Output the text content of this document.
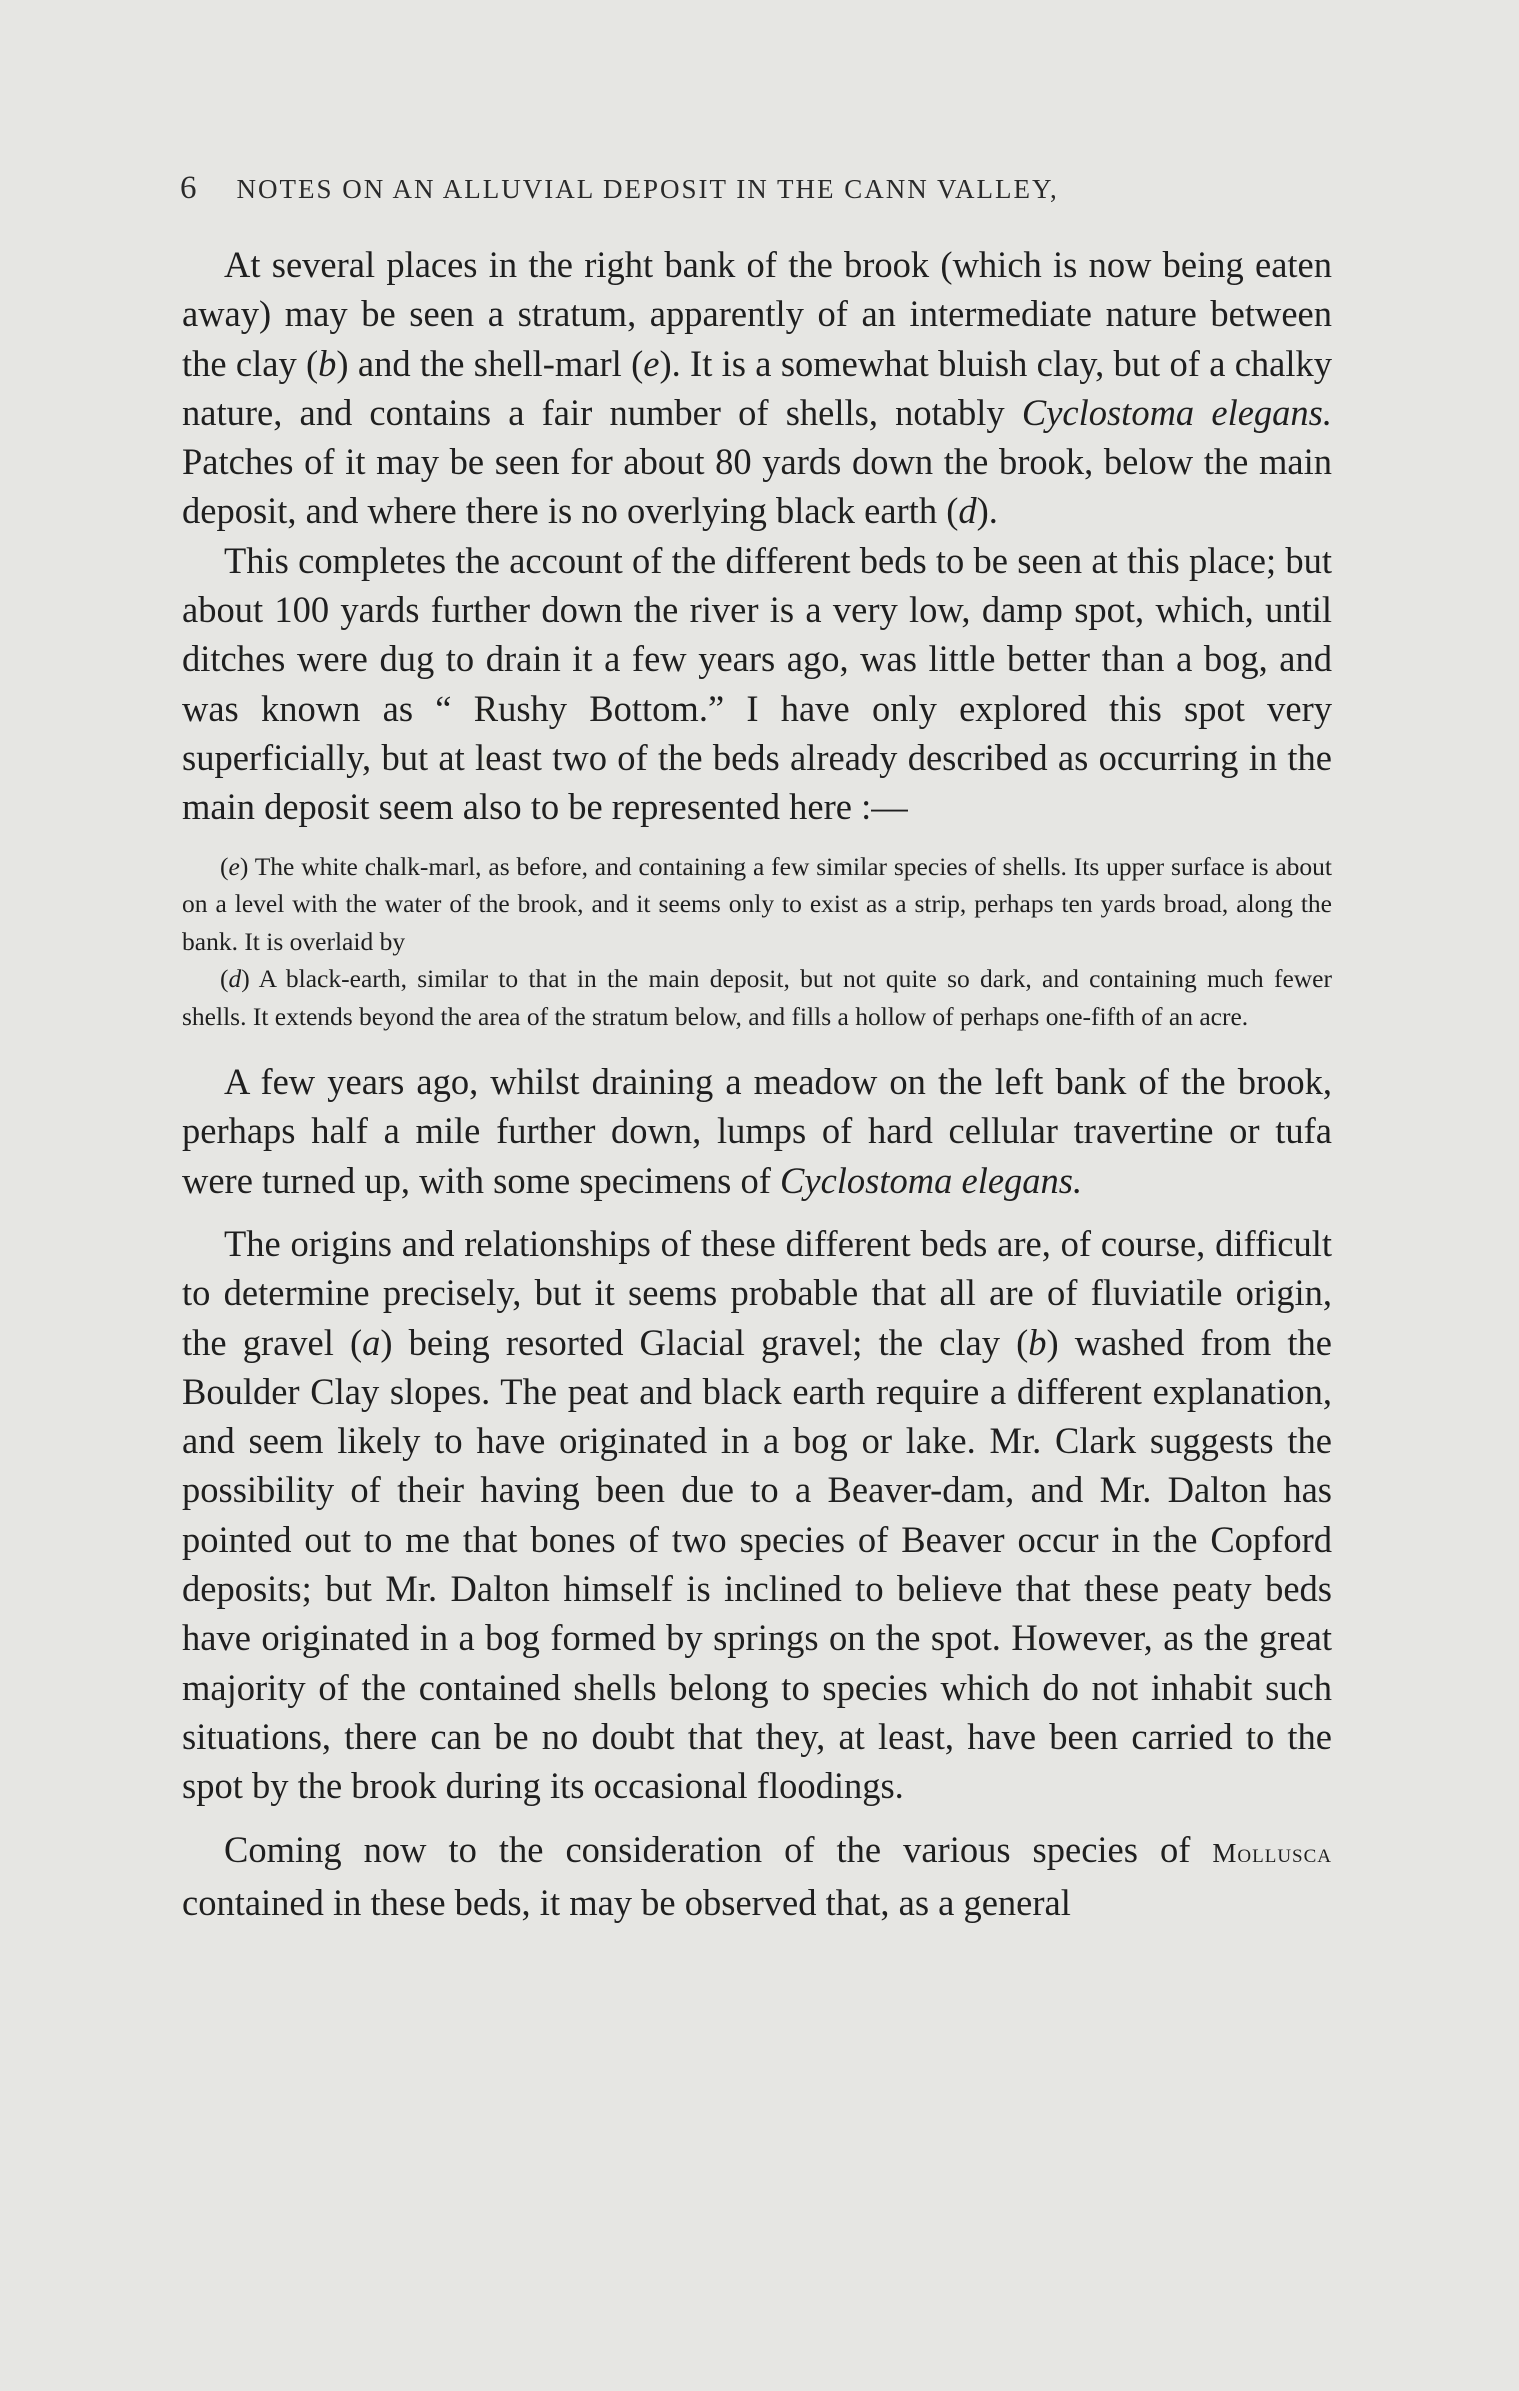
6 NOTES ON AN ALLUVIAL DEPOSIT IN THE CANN VALLEY,

At several places in the right bank of the brook (which is now being eaten away) may be seen a stratum, apparently of an intermediate nature between the clay (b) and the shell-marl (e). It is a somewhat bluish clay, but of a chalky nature, and contains a fair number of shells, notably Cyclostoma elegans. Patches of it may be seen for about 80 yards down the brook, below the main deposit, and where there is no overlying black earth (d).

This completes the account of the different beds to be seen at this place; but about 100 yards further down the river is a very low, damp spot, which, until ditches were dug to drain it a few years ago, was little better than a bog, and was known as “ Rushy Bottom.” I have only explored this spot very superficially, but at least two of the beds already described as occurring in the main deposit seem also to be represented here :—

(e) The white chalk-marl, as before, and containing a few similar species of shells. Its upper surface is about on a level with the water of the brook, and it seems only to exist as a strip, perhaps ten yards broad, along the bank. It is overlaid by

(d) A black-earth, similar to that in the main deposit, but not quite so dark, and containing much fewer shells. It extends beyond the area of the stratum below, and fills a hollow of perhaps one-fifth of an acre.

A few years ago, whilst draining a meadow on the left bank of the brook, perhaps half a mile further down, lumps of hard cellular travertine or tufa were turned up, with some specimens of Cyclostoma elegans.

The origins and relationships of these different beds are, of course, difficult to determine precisely, but it seems probable that all are of fluviatile origin, the gravel (a) being resorted Glacial gravel; the clay (b) washed from the Boulder Clay slopes. The peat and black earth require a different explanation, and seem likely to have originated in a bog or lake. Mr. Clark suggests the possibility of their having been due to a Beaver-dam, and Mr. Dalton has pointed out to me that bones of two species of Beaver occur in the Copford deposits; but Mr. Dalton himself is inclined to believe that these peaty beds have originated in a bog formed by springs on the spot. However, as the great majority of the contained shells belong to species which do not inhabit such situations, there can be no doubt that they, at least, have been carried to the spot by the brook during its occasional floodings.

Coming now to the consideration of the various species of Mollusca contained in these beds, it may be observed that, as a general
